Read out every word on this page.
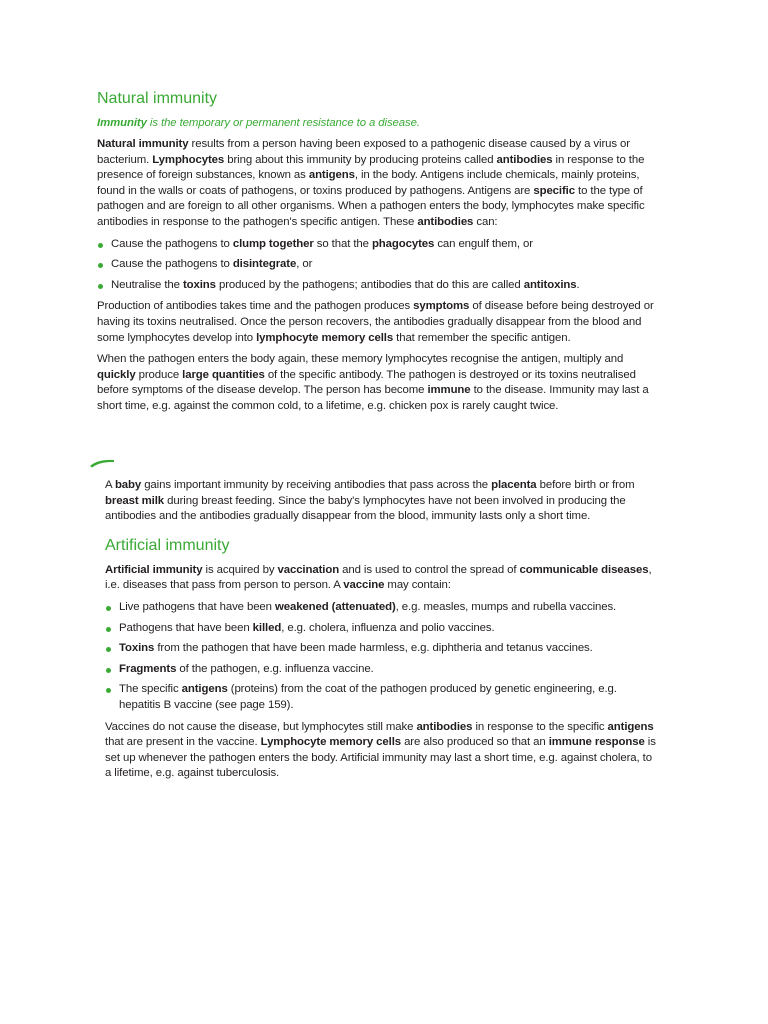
Natural immunity

Immunity is the temporary or permanent resistance to a disease.

Natural immunity results from a person having been exposed to a pathogenic disease caused by a virus or bacterium. Lymphocytes bring about this immunity by producing proteins called antibodies in response to the presence of foreign substances, known as antigens, in the body. Antigens include chemicals, mainly proteins, found in the walls or coats of pathogens, or toxins produced by pathogens. Antigens are specific to the type of pathogen and are foreign to all other organisms. When a pathogen enters the body, lymphocytes make specific antibodies in response to the pathogen's specific antigen. These antibodies can:

Cause the pathogens to clump together so that the phagocytes can engulf them, or
Cause the pathogens to disintegrate, or
Neutralise the toxins produced by the pathogens; antibodies that do this are called antitoxins.

Production of antibodies takes time and the pathogen produces symptoms of disease before being destroyed or having its toxins neutralised. Once the person recovers, the antibodies gradually disappear from the blood and some lymphocytes develop into lymphocyte memory cells that remember the specific antigen.

When the pathogen enters the body again, these memory lymphocytes recognise the antigen, multiply and quickly produce large quantities of the specific antibody. The pathogen is destroyed or its toxins neutralised before symptoms of the disease develop. The person has become immune to the disease. Immunity may last a short time, e.g. against the common cold, to a lifetime, e.g. chicken pox is rarely caught twice.

A baby gains important immunity by receiving antibodies that pass across the placenta before birth or from breast milk during breast feeding. Since the baby's lymphocytes have not been involved in producing the antibodies and the antibodies gradually disappear from the blood, immunity lasts only a short time.

Artificial immunity

Artificial immunity is acquired by vaccination and is used to control the spread of communicable diseases, i.e. diseases that pass from person to person. A vaccine may contain:

Live pathogens that have been weakened (attenuated), e.g. measles, mumps and rubella vaccines.
Pathogens that have been killed, e.g. cholera, influenza and polio vaccines.
Toxins from the pathogen that have been made harmless, e.g. diphtheria and tetanus vaccines.
Fragments of the pathogen, e.g. influenza vaccine.
The specific antigens (proteins) from the coat of the pathogen produced by genetic engineering, e.g. hepatitis B vaccine (see page 159).

Vaccines do not cause the disease, but lymphocytes still make antibodies in response to the specific antigens that are present in the vaccine. Lymphocyte memory cells are also produced so that an immune response is set up whenever the pathogen enters the body. Artificial immunity may last a short time, e.g. against cholera, to a lifetime, e.g. against tuberculosis.
